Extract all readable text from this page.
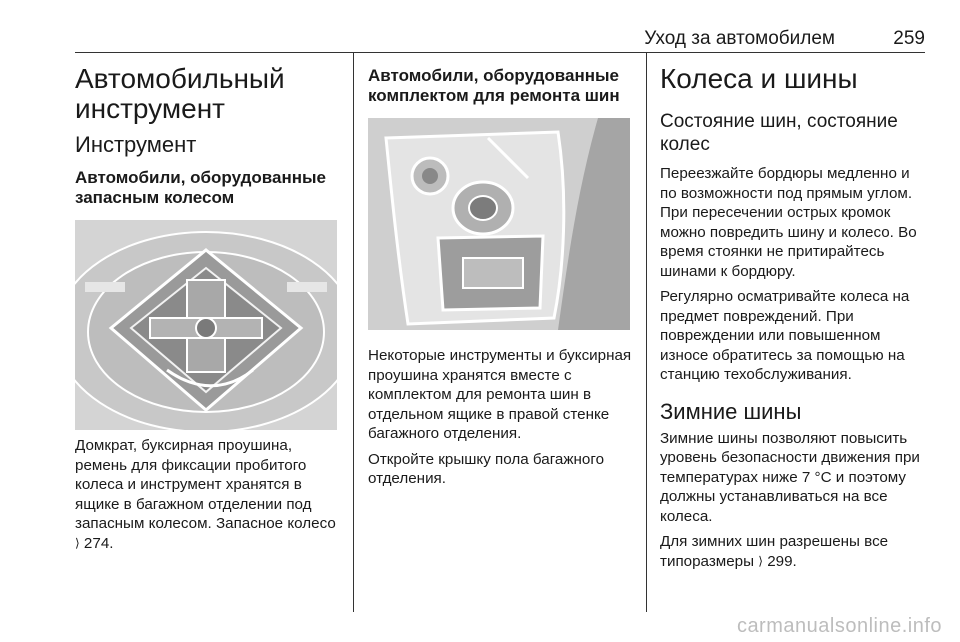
Уход за автомобилем	259
Автомобильный инструмент
Инструмент
Автомобили, оборудованные запасным колесом

Домкрат, буксирная проушина, ремень для фиксации пробитого колеса и инструмент хранятся в ящике в багажном отделении под запасным колесом. Запасное колесо ⟩ 274.

Автомобили, оборудованные комплектом для ремонта шин

Некоторые инструменты и буксирная проушина хранятся вместе с комплектом для ремонта шин в отдельном ящике в правой стенке багажного отделения.

Откройте крышку пола багажного отделения.

Колеса и шины
Состояние шин, состояние колес

Переезжайте бордюры медленно и по возможности под прямым углом. При пересечении острых кромок можно повредить шину и колесо. Во время стоянки не притирайтесь шинами к бордюру.

Регулярно осматривайте колеса на предмет повреждений. При повреждении или повышенном износе обратитесь за помощью на станцию техобслуживания.

Зимние шины

Зимние шины позволяют повысить уровень безопасности движения при температурах ниже 7 °С и поэтому должны устанавливаться на все колеса.

Для зимних шин разрешены все типоразмеры ⟩ 299.

carmanualsonline.info
